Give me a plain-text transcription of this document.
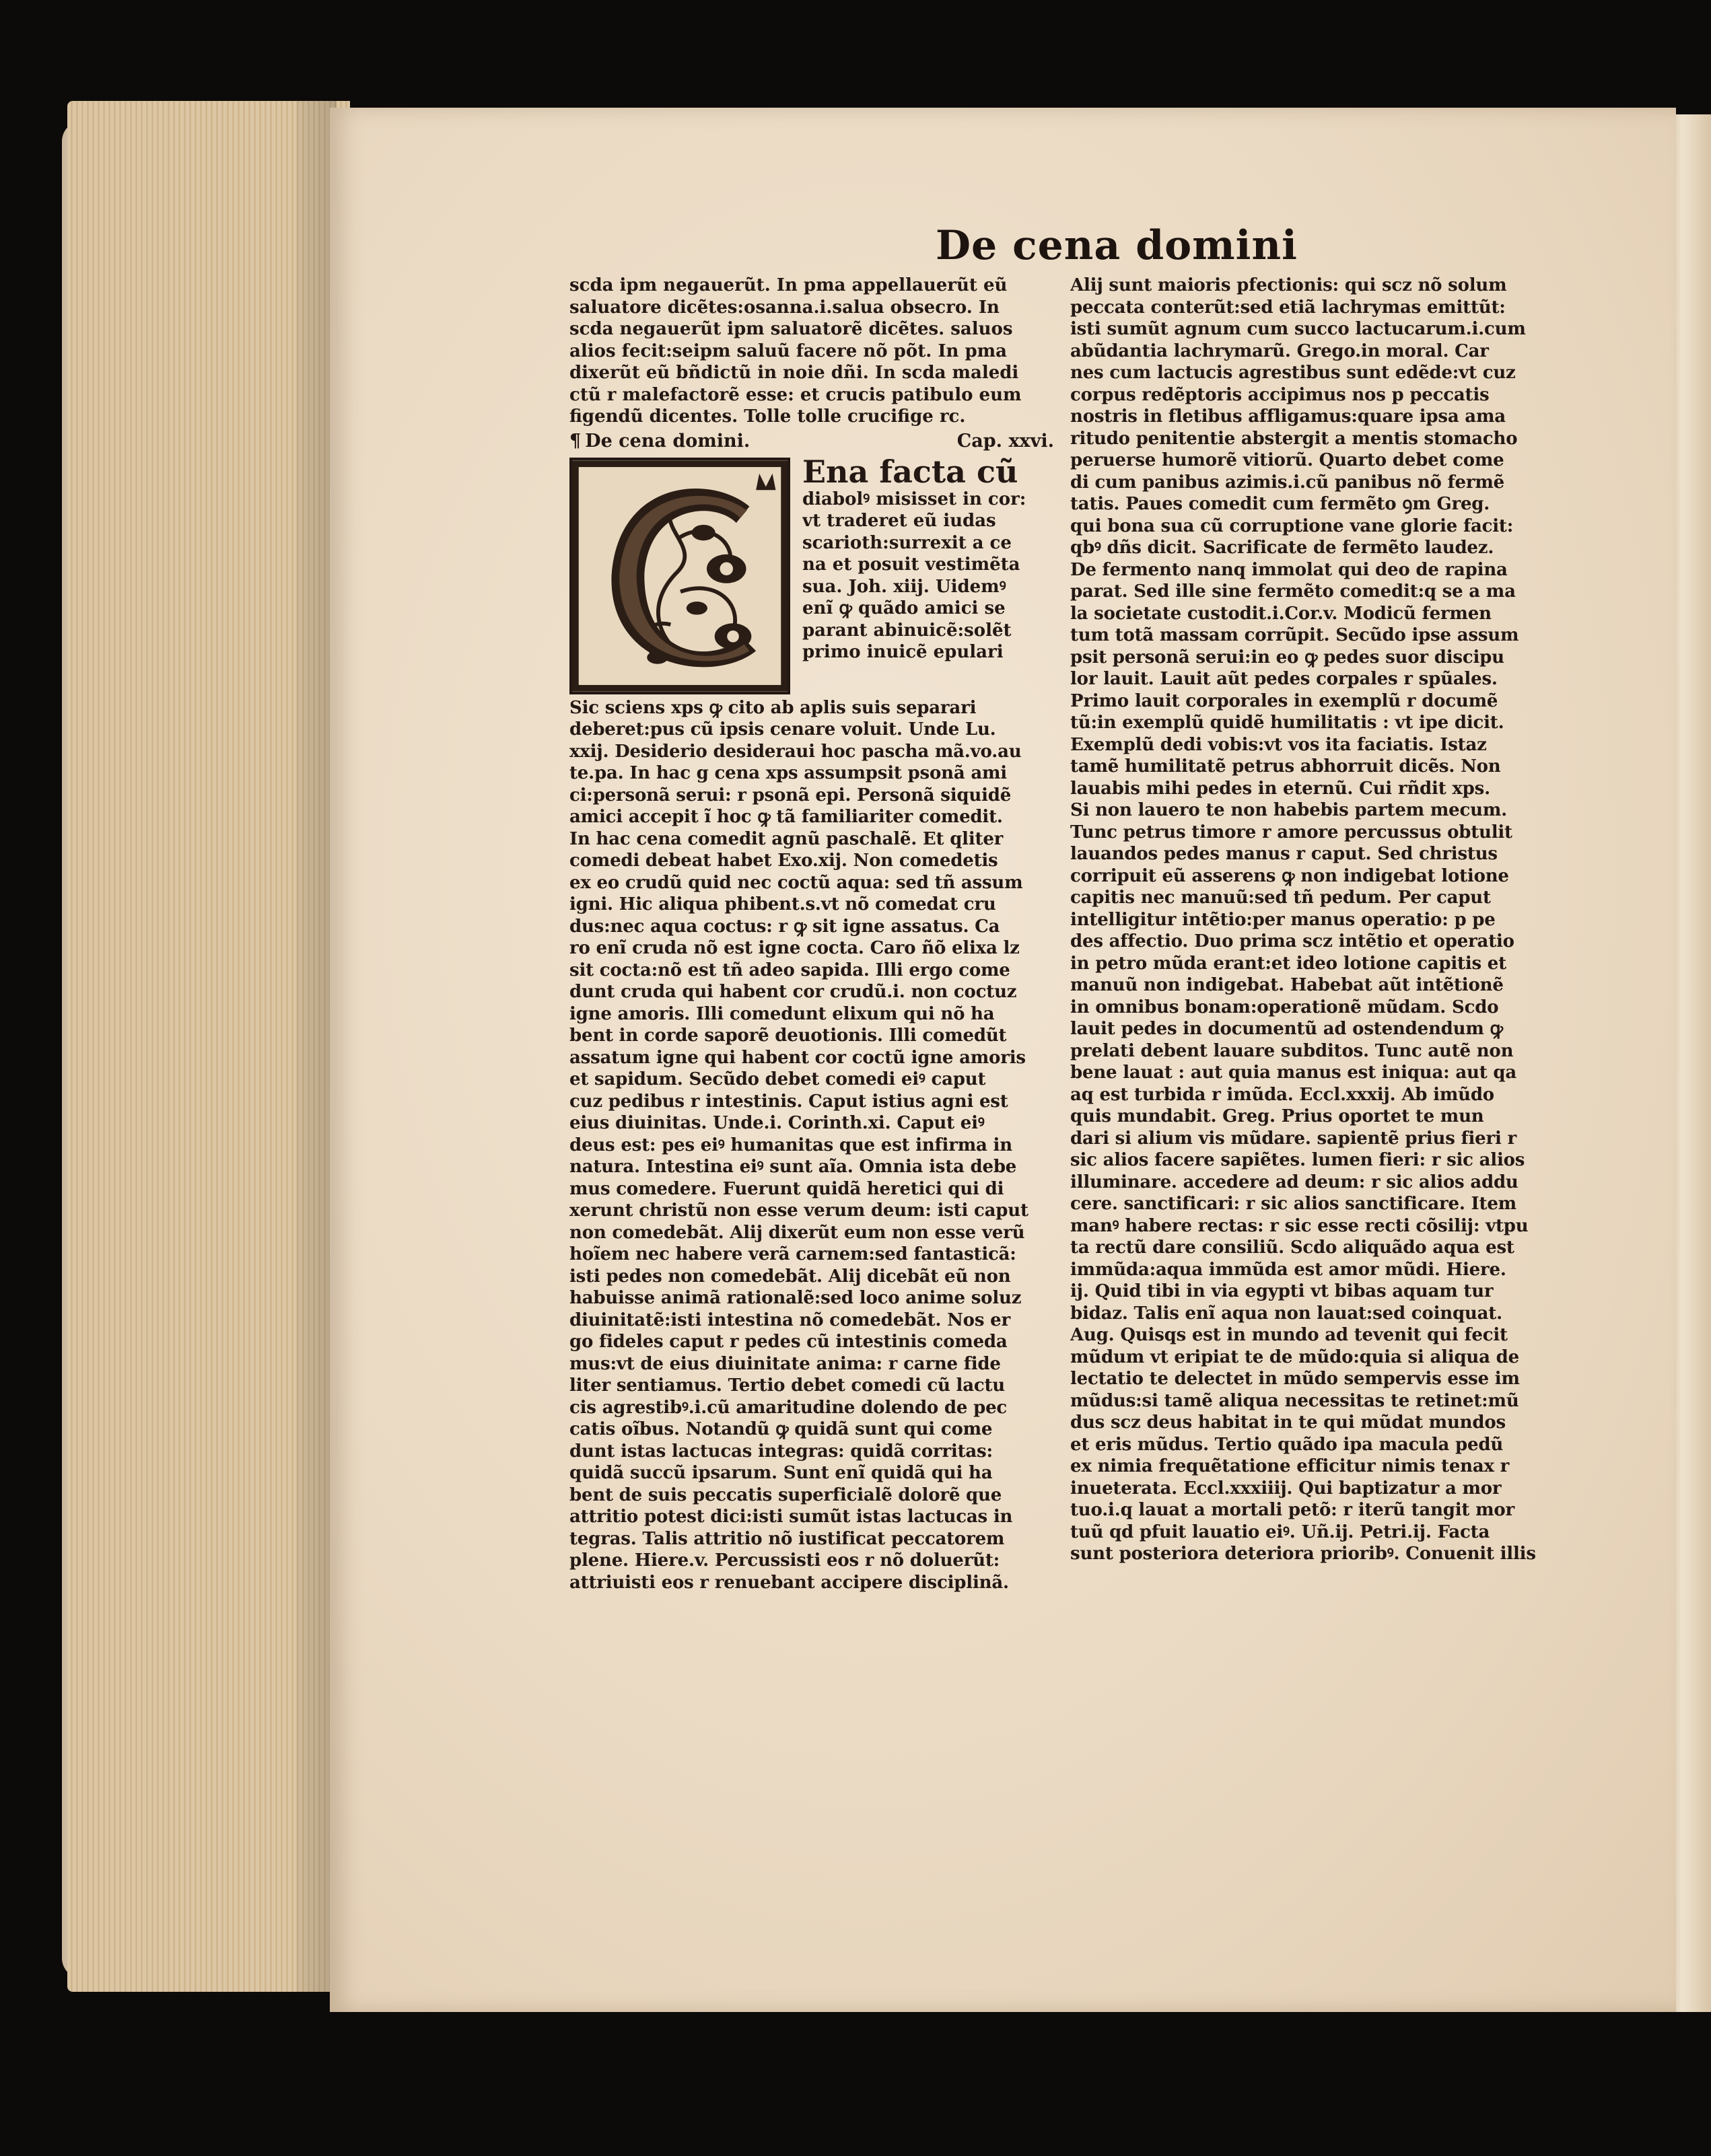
De cena domini
scda ipm negauerũt. In pma appellauerũt eũ
saluatore dicẽtes:osanna.i.salua obsecro. In
scda negauerũt ipm saluatorẽ dicẽtes. saluos
alios fecit:seipm saluũ facere nõ põt. In pma
dixerũt eũ bñdictũ in noie dñi. In scda maledi
ctũ r malefactorẽ esse: et crucis patibulo eum
figendũ dicentes. Tolle tolle crucifige rc.
¶ De cena domini.	Cap. xxvi.
Ena facta cũ
diabolꝰ misisset in cor:
vt traderet eũ iudas
scarioth:surrexit a ce
na et posuit vestimẽta
sua. Joh. xiij. Uidemꝰ
enĩ ꝙ quãdo amici se
parant abinuicẽ:solẽt
primo inuicẽ epulari
Sic sciens xps ꝙ cito ab aplis suis separari
deberet:pus cũ ipsis cenare voluit. Unde Lu.
xxij. Desiderio desideraui hoc pascha mã.vo.au
te.pa. In hac g cena xps assumpsit psonã ami
ci:personã serui: r psonã epi. Personã siquidẽ
amici accepit ĩ hoc ꝙ tã familiariter comedit.
In hac cena comedit agnũ paschalẽ. Et qliter
comedi debeat habet Exo.xij. Non comedetis
ex eo crudũ quid nec coctũ aqua: sed tñ assum
igni. Hic aliqua phibent.s.vt nõ comedat cru
dus:nec aqua coctus: r ꝙ sit igne assatus. Ca
ro enĩ cruda nõ est igne cocta. Caro ñõ elixa lz
sit cocta:nõ est tñ adeo sapida. Illi ergo come
dunt cruda qui habent cor crudũ.i. non coctuz
igne amoris. Illi comedunt elixum qui nõ ha
bent in corde saporẽ deuotionis. Illi comedũt
assatum igne qui habent cor coctũ igne amoris
et sapidum. Secũdo debet comedi eiꝰ caput
cuz pedibus r intestinis. Caput istius agni est
eius diuinitas. Unde.i. Corinth.xi. Caput eiꝰ
deus est: pes eiꝰ humanitas que est infirma in
natura. Intestina eiꝰ sunt aĩa. Omnia ista debe
mus comedere. Fuerunt quidã heretici qui di
xerunt christũ non esse verum deum: isti caput
non comedebãt. Alij dixerũt eum non esse verũ
hoĩem nec habere verã carnem:sed fantasticã:
isti pedes non comedebãt. Alij dicebãt eũ non
habuisse animã rationalẽ:sed loco anime soluz
diuinitatẽ:isti intestina nõ comedebãt. Nos er
go fideles caput r pedes cũ intestinis comeda
mus:vt de eius diuinitate anima: r carne fide
liter sentiamus. Tertio debet comedi cũ lactu
cis agrestibꝰ.i.cũ amaritudine dolendo de pec
catis oĩbus. Notandũ ꝙ quidã sunt qui come
dunt istas lactucas integras: quidã corritas:
quidã succũ ipsarum. Sunt enĩ quidã qui ha
bent de suis peccatis superficialẽ dolorẽ que
attritio potest dici:isti sumũt istas lactucas in
tegras. Talis attritio nõ iustificat peccatorem
plene. Hiere.v. Percussisti eos r nõ doluerũt:
attriuisti eos r renuebant accipere disciplinã.
Alij sunt maioris pfectionis: qui scz nõ solum
peccata conterũt:sed etiã lachrymas emittũt:
isti sumũt agnum cum succo lactucarum.i.cum
abũdantia lachrymarũ. Grego.in moral. Car
nes cum lactucis agrestibus sunt edẽde:vt cuz
corpus redẽptoris accipimus nos p peccatis
nostris in fletibus affligamus:quare ipsa ama
ritudo penitentie abstergit a mentis stomacho
peruerse humorẽ vitiorũ. Quarto debet come
di cum panibus azimis.i.cũ panibus nõ fermẽ
tatis. Paues comedit cum fermẽto ꝯm Greg.
qui bona sua cũ corruptione vane glorie facit:
qbꝰ dñs dicit. Sacrificate de fermẽto laudez.
De fermento nanq immolat qui deo de rapina
parat. Sed ille sine fermẽto comedit:q se a ma
la societate custodit.i.Cor.v. Modicũ fermen
tum totã massam corrũpit. Secũdo ipse assum
psit personã serui:in eo ꝙ pedes suor discipu
lor lauit. Lauit aũt pedes corpales r spũales.
Primo lauit corporales in exemplũ r documẽ
tũ:in exemplũ quidẽ humilitatis : vt ipe dicit.
Exemplũ dedi vobis:vt vos ita faciatis. Istaz
tamẽ humilitatẽ petrus abhorruit dicẽs. Non
lauabis mihi pedes in eternũ. Cui rñdit xps.
Si non lauero te non habebis partem mecum.
Tunc petrus timore r amore percussus obtulit
lauandos pedes manus r caput. Sed christus
corripuit eũ asserens ꝙ non indigebat lotione
capitis nec manuũ:sed tñ pedum. Per caput
intelligitur intẽtio:per manus operatio: p pe
des affectio. Duo prima scz intẽtio et operatio
in petro mũda erant:et ideo lotione capitis et
manuũ non indigebat. Habebat aũt intẽtionẽ
in omnibus bonam:operationẽ mũdam. Scdo
lauit pedes in documentũ ad ostendendum ꝙ
prelati debent lauare subditos. Tunc autẽ non
bene lauat : aut quia manus est iniqua: aut qa
aq est turbida r imũda. Eccl.xxxij. Ab imũdo
quis mundabit. Greg. Prius oportet te mun
dari si alium vis mũdare. sapientẽ prius fieri r
sic alios facere sapiẽtes. lumen fieri: r sic alios
illuminare. accedere ad deum: r sic alios addu
cere. sanctificari: r sic alios sanctificare. Item
manꝰ habere rectas: r sic esse recti cõsilij: vtpu
ta rectũ dare consiliũ. Scdo aliquãdo aqua est
immũda:aqua immũda est amor mũdi. Hiere.
ij. Quid tibi in via egypti vt bibas aquam tur
bidaz. Talis enĩ aqua non lauat:sed coinquat.
Aug. Quisqs est in mundo ad tevenit qui fecit
mũdum vt eripiat te de mũdo:quia si aliqua de
lectatio te delectet in mũdo sempervis esse im
mũdus:si tamẽ aliqua necessitas te retinet:mũ
dus scz deus habitat in te qui mũdat mundos
et eris mũdus. Tertio quãdo ipa macula pedũ
ex nimia frequẽtatione efficitur nimis tenax r
inueterata. Eccl.xxxiiij. Qui baptizatur a mor
tuo.i.q lauat a mortali petõ: r iterũ tangit mor
tuũ qd pfuit lauatio eiꝰ. Uñ.ij. Petri.ij. Facta
sunt posteriora deteriora prioribꝰ. Conuenit illis
